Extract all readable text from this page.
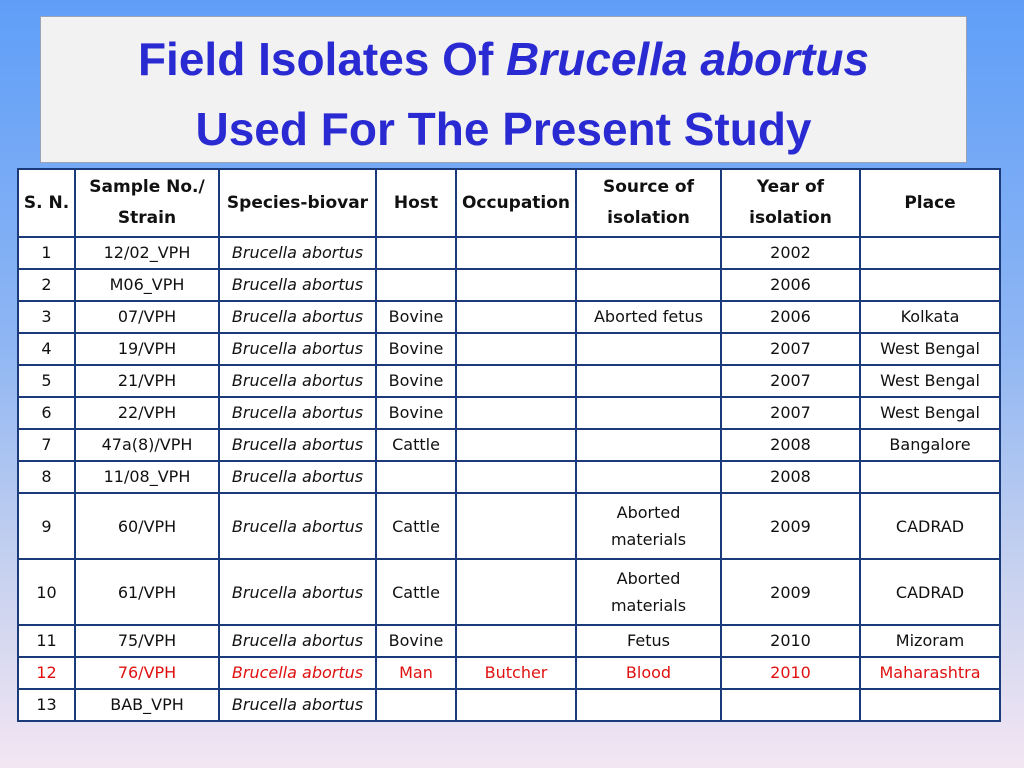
Field Isolates Of Brucella abortus
Used For The Present Study
S. N.	Sample No./ Strain	Species-biovar	Host	Occupation	Source of isolation	Year of isolation	Place
1	12/02_VPH	Brucella abortus				2002	
2	M06_VPH	Brucella abortus				2006	
3	07/VPH	Brucella abortus	Bovine		Aborted fetus	2006	Kolkata
4	19/VPH	Brucella abortus	Bovine			2007	West Bengal
5	21/VPH	Brucella abortus	Bovine			2007	West Bengal
6	22/VPH	Brucella abortus	Bovine			2007	West Bengal
7	47a(8)/VPH	Brucella abortus	Cattle			2008	Bangalore
8	11/08_VPH	Brucella abortus				2008	
9	60/VPH	Brucella abortus	Cattle		Aborted materials	2009	CADRAD
10	61/VPH	Brucella abortus	Cattle		Aborted materials	2009	CADRAD
11	75/VPH	Brucella abortus	Bovine		Fetus	2010	Mizoram
12	76/VPH	Brucella abortus	Man	Butcher	Blood	2010	Maharashtra
13	BAB_VPH	Brucella abortus					
